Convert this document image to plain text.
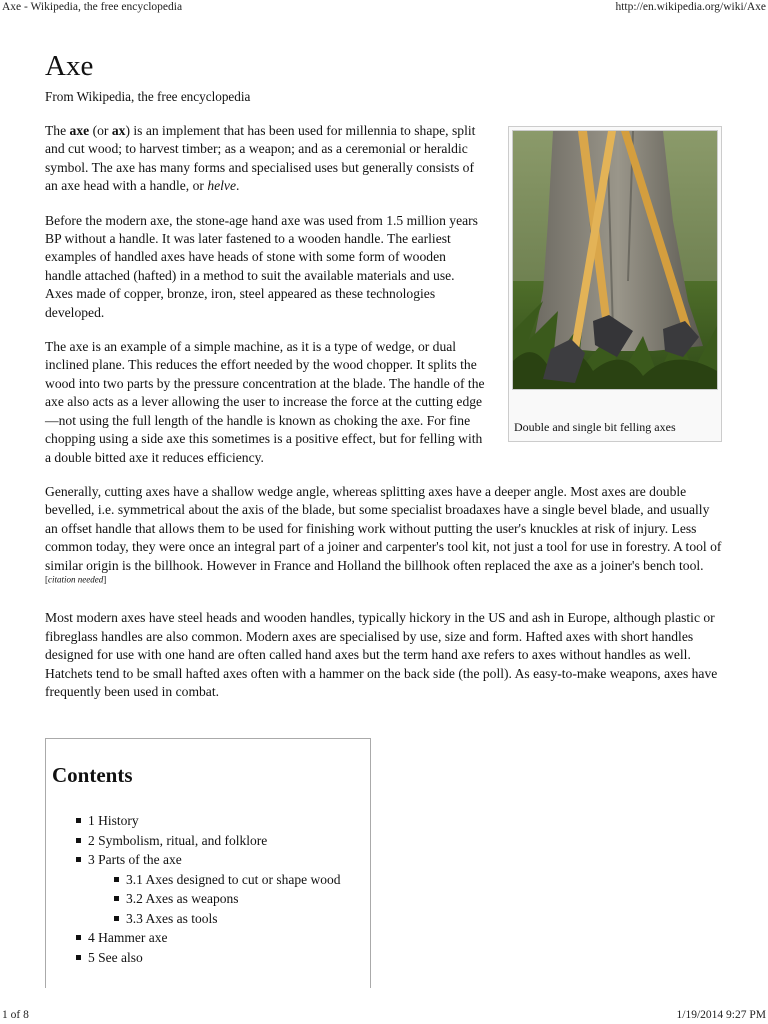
Axe - Wikipedia, the free encyclopedia	http://en.wikipedia.org/wiki/Axe
Axe
From Wikipedia, the free encyclopedia

The axe (or ax) is an implement that has been used for millennia to shape, split and cut wood; to harvest timber; as a weapon; and as a ceremonial or heraldic symbol. The axe has many forms and specialised uses but generally consists of an axe head with a handle, or helve.

Before the modern axe, the stone-age hand axe was used from 1.5 million years BP without a handle. It was later fastened to a wooden handle. The earliest examples of handled axes have heads of stone with some form of wooden handle attached (hafted) in a method to suit the available materials and use. Axes made of copper, bronze, iron, steel appeared as these technologies developed.

The axe is an example of a simple machine, as it is a type of wedge, or dual inclined plane. This reduces the effort needed by the wood chopper. It splits the wood into two parts by the pressure concentration at the blade. The handle of the axe also acts as a lever allowing the user to increase the force at the cutting edge—not using the full length of the handle is known as choking the axe. For fine chopping using a side axe this sometimes is a positive effect, but for felling with a double bitted axe it reduces efficiency.

Generally, cutting axes have a shallow wedge angle, whereas splitting axes have a deeper angle. Most axes are double bevelled, i.e. symmetrical about the axis of the blade, but some specialist broadaxes have a single bevel blade, and usually an offset handle that allows them to be used for finishing work without putting the user's knuckles at risk of injury. Less common today, they were once an integral part of a joiner and carpenter's tool kit, not just a tool for use in forestry. A tool of similar origin is the billhook. However in France and Holland the billhook often replaced the axe as a joiner's bench tool.[citation needed]

Most modern axes have steel heads and wooden handles, typically hickory in the US and ash in Europe, although plastic or fibreglass handles are also common. Modern axes are specialised by use, size and form. Hafted axes with short handles designed for use with one hand are often called hand axes but the term hand axe refers to axes without handles as well. Hatchets tend to be small hafted axes often with a hammer on the back side (the poll). As easy-to-make weapons, axes have frequently been used in combat.

Double and single bit felling axes
Contents
1 History
2 Symbolism, ritual, and folklore
3 Parts of the axe
3.1 Axes designed to cut or shape wood
3.2 Axes as weapons
3.3 Axes as tools
4 Hammer axe
5 See also
1 of 8	1/19/2014 9:27 PM
